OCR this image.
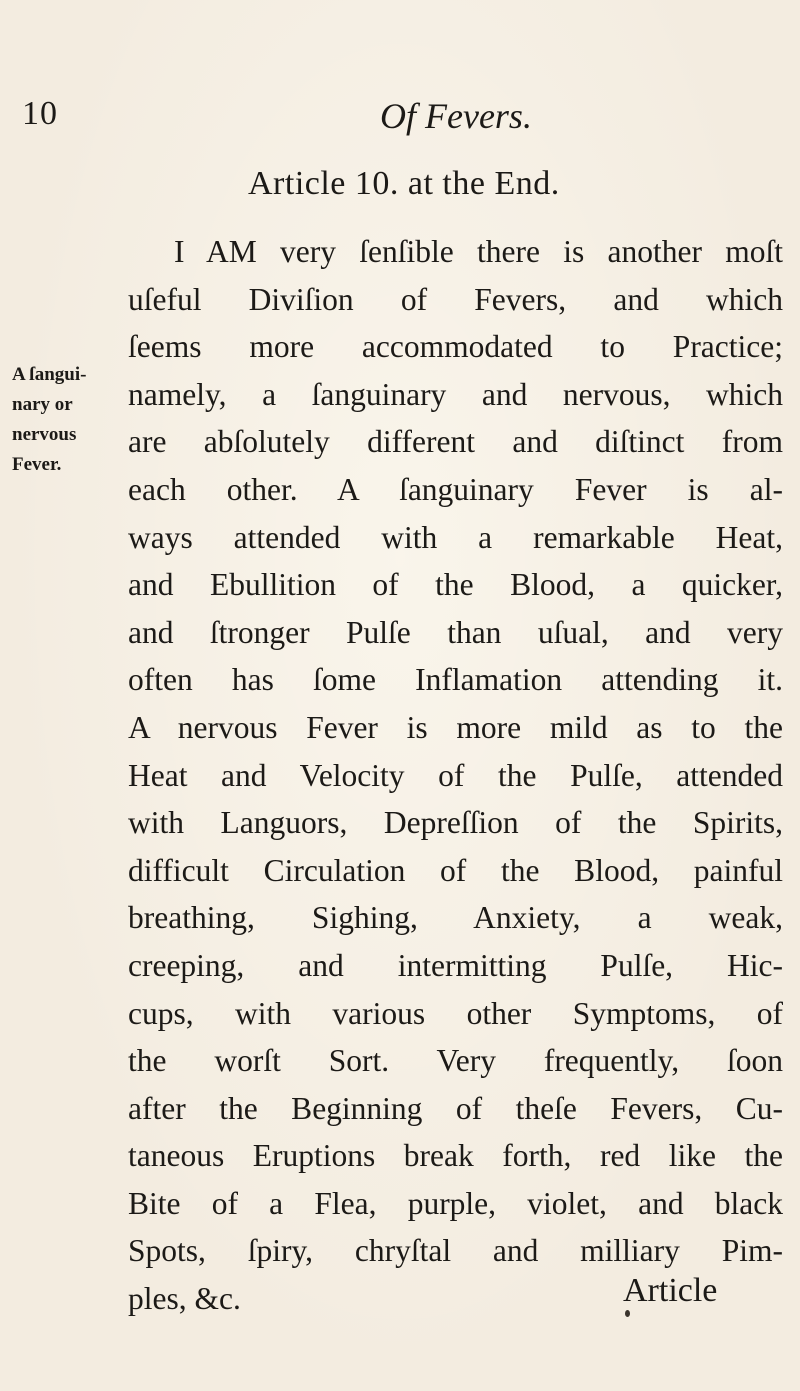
10	Of Fevers.
Article 10. at the End.
A ſangui-
nary or
nervous
Fever.
I AM very ſenſible there is another moſt
uſeful Diviſion of Fevers, and which
ſeems more accommodated to Practice;
namely, a ſanguinary and nervous, which
are abſolutely different and diſtinct from
each other. A ſanguinary Fever is al-
ways attended with a remarkable Heat,
and Ebullition of the Blood, a quicker,
and ſtronger Pulſe than uſual, and very
often has ſome Inflamation attending it.
A nervous Fever is more mild as to the
Heat and Velocity of the Pulſe, attended
with Languors, Depreſſion of the Spirits,
difficult Circulation of the Blood, painful
breathing, Sighing, Anxiety, a weak,
creeping, and intermitting Pulſe, Hic-
cups, with various other Symptoms, of
the worſt Sort. Very frequently, ſoon
after the Beginning of theſe Fevers, Cu-
taneous Eruptions break forth, red like the
Bite of a Flea, purple, violet, and black
Spots, ſpiry, chryſtal and milliary Pim-
ples, &c.	Article
